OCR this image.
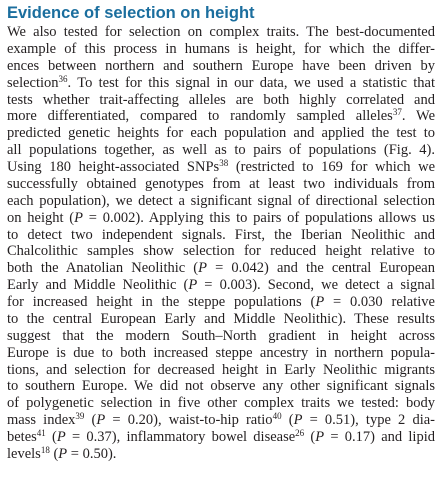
Evidence of selection on height
We also tested for selection on complex traits. The best-documented
example of this process in humans is height, for which the differ-
ences between northern and southern Europe have been driven by
selection$^{36}$. To test for this signal in our data, we used a statistic that
tests whether trait-affecting alleles are both highly correlated and
more differentiated, compared to randomly sampled alleles$^{37}$. We
predicted genetic heights for each population and applied the test to
all populations together, as well as to pairs of populations (Fig. 4).
Using 180 height-associated SNPs$^{38}$ (restricted to 169 for which we
successfully obtained genotypes from at least two individuals from
each population), we detect a significant signal of directional selection
on height (P = 0.002). Applying this to pairs of populations allows us
to detect two independent signals. First, the Iberian Neolithic and
Chalcolithic samples show selection for reduced height relative to
both the Anatolian Neolithic (P = 0.042) and the central European
Early and Middle Neolithic (P = 0.003). Second, we detect a signal
for increased height in the steppe populations (P = 0.030 relative
to the central European Early and Middle Neolithic). These results
suggest that the modern South–North gradient in height across
Europe is due to both increased steppe ancestry in northern popula-
tions, and selection for decreased height in Early Neolithic migrants
to southern Europe. We did not observe any other significant signals
of polygenetic selection in five other complex traits we tested: body
mass index$^{39}$ (P = 0.20), waist-to-hip ratio$^{40}$ (P = 0.51), type 2 dia-
betes$^{41}$ (P = 0.37), inflammatory bowel disease$^{26}$ (P = 0.17) and lipid
levels$^{18}$ (P = 0.50).
